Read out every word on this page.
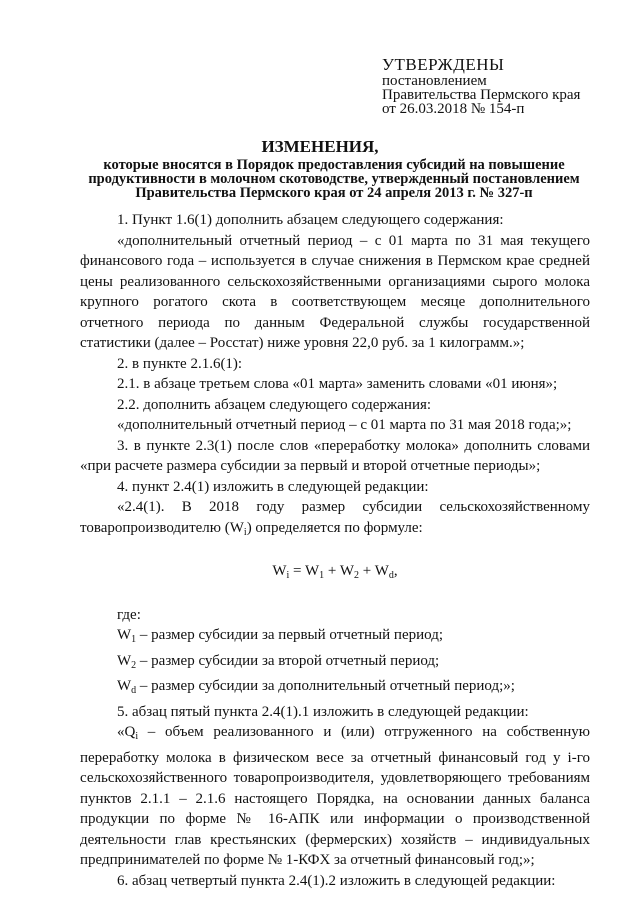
УТВЕРЖДЕНЫ
постановлением
Правительства Пермского края
от 26.03.2018 № 154-п
ИЗМЕНЕНИЯ,
которые вносятся в Порядок предоставления субсидий на повышение продуктивности в молочном скотоводстве, утвержденный постановлением Правительства Пермского края от 24 апреля 2013 г. № 327-п

1. Пункт 1.6(1) дополнить абзацем следующего содержания:

«дополнительный отчетный период – с 01 марта по 31 мая текущего финансового года – используется в случае снижения в Пермском крае средней цены реализованного сельскохозяйственными организациями сырого молока крупного рогатого скота в соответствующем месяце дополнительного отчетного периода по данным Федеральной службы государственной статистики (далее – Росстат) ниже уровня 22,0 руб. за 1 килограмм.»;

2. в пункте 2.1.6(1):

2.1. в абзаце третьем слова «01 марта» заменить словами «01 июня»;

2.2. дополнить абзацем следующего содержания:

«дополнительный отчетный период – с 01 марта по 31 мая 2018 года;»;

3. в пункте 2.3(1) после слов «переработку молока» дополнить словами «при расчете размера субсидии за первый и второй отчетные периоды»;

4. пункт 2.4(1) изложить в следующей редакции:

«2.4(1). В 2018 году размер субсидии сельскохозяйственному товаропроизводителю $(W_i)$ определяется по формуле:

$W_i = W_1 + W_2 + W_d$,

где:

$W_1$ – размер субсидии за первый отчетный период;

$W_2$ – размер субсидии за второй отчетный период;

$W_d$ – размер субсидии за дополнительный отчетный период;»;

5. абзац пятый пункта 2.4(1).1 изложить в следующей редакции:

«$Q_i$ – объем реализованного и (или) отгруженного на собственную переработку молока в физическом весе за отчетный финансовый год у i-го сельскохозяйственного товаропроизводителя, удовлетворяющего требованиям пунктов 2.1.1 – 2.1.6 настоящего Порядка, на основании данных баланса продукции по форме № 16-АПК или информации о производственной деятельности глав крестьянских (фермерских) хозяйств – индивидуальных предпринимателей по форме № 1-КФХ за отчетный финансовый год;»;

6. абзац четвертый пункта 2.4(1).2 изложить в следующей редакции:
